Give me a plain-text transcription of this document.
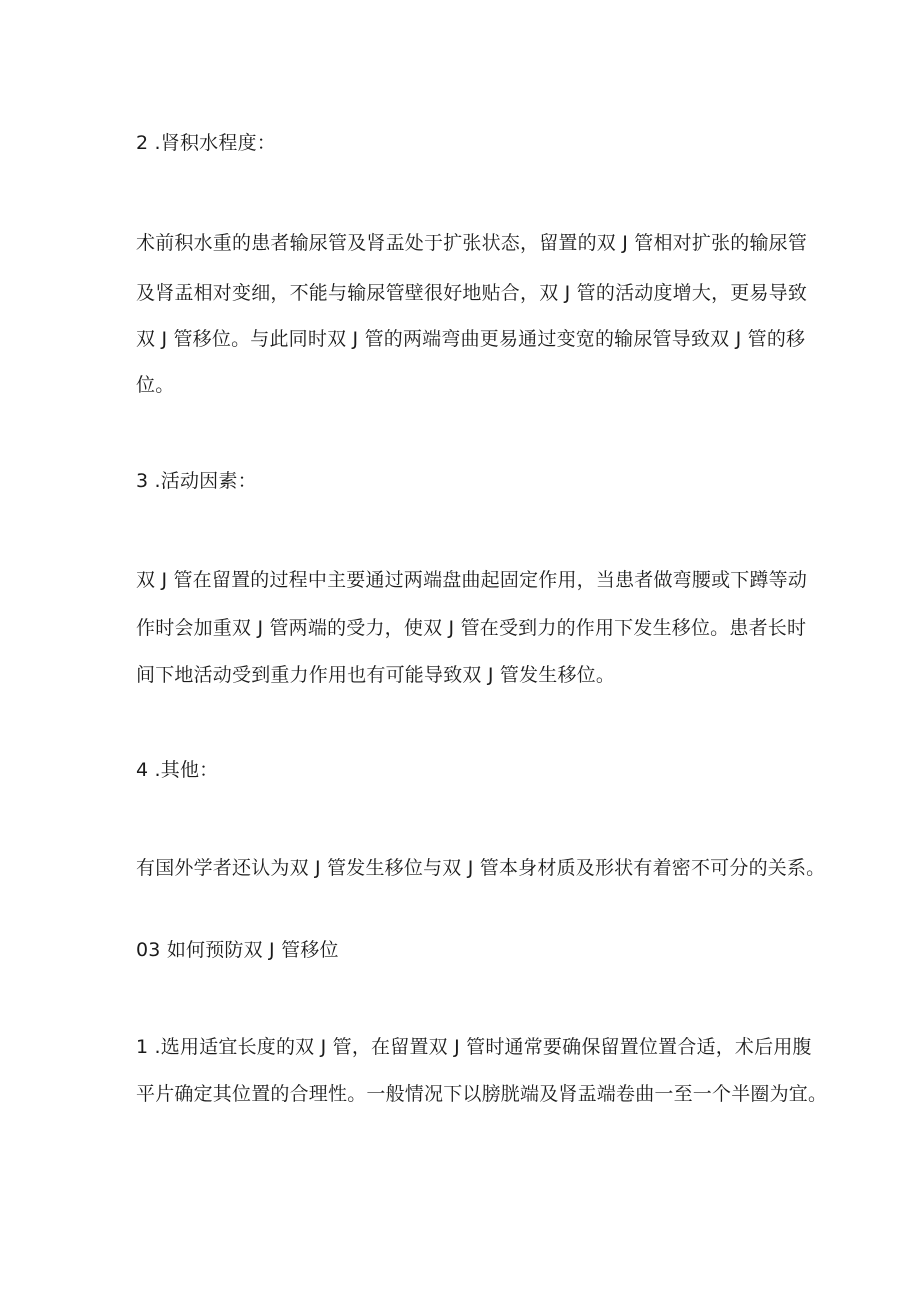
2 .肾积水程度：
术前积水重的患者输尿管及肾盂处于扩张状态，留置的双 J 管相对扩张的输尿管
及肾盂相对变细，不能与输尿管壁很好地贴合，双 J 管的活动度增大，更易导致
双 J 管移位。与此同时双 J 管的两端弯曲更易通过变宽的输尿管导致双 J 管的移
位。
3 .活动因素：
双 J 管在留置的过程中主要通过两端盘曲起固定作用，当患者做弯腰或下蹲等动
作时会加重双 J 管两端的受力，使双 J 管在受到力的作用下发生移位。患者长时
间下地活动受到重力作用也有可能导致双 J 管发生移位。
4 .其他：
有国外学者还认为双 J 管发生移位与双 J 管本身材质及形状有着密不可分的关系。
03 如何预防双 J 管移位
1 .选用适宜长度的双 J 管，在留置双 J 管时通常要确保留置位置合适，术后用腹
平片确定其位置的合理性。一般情况下以膀胱端及肾盂端卷曲一至一个半圈为宜。
